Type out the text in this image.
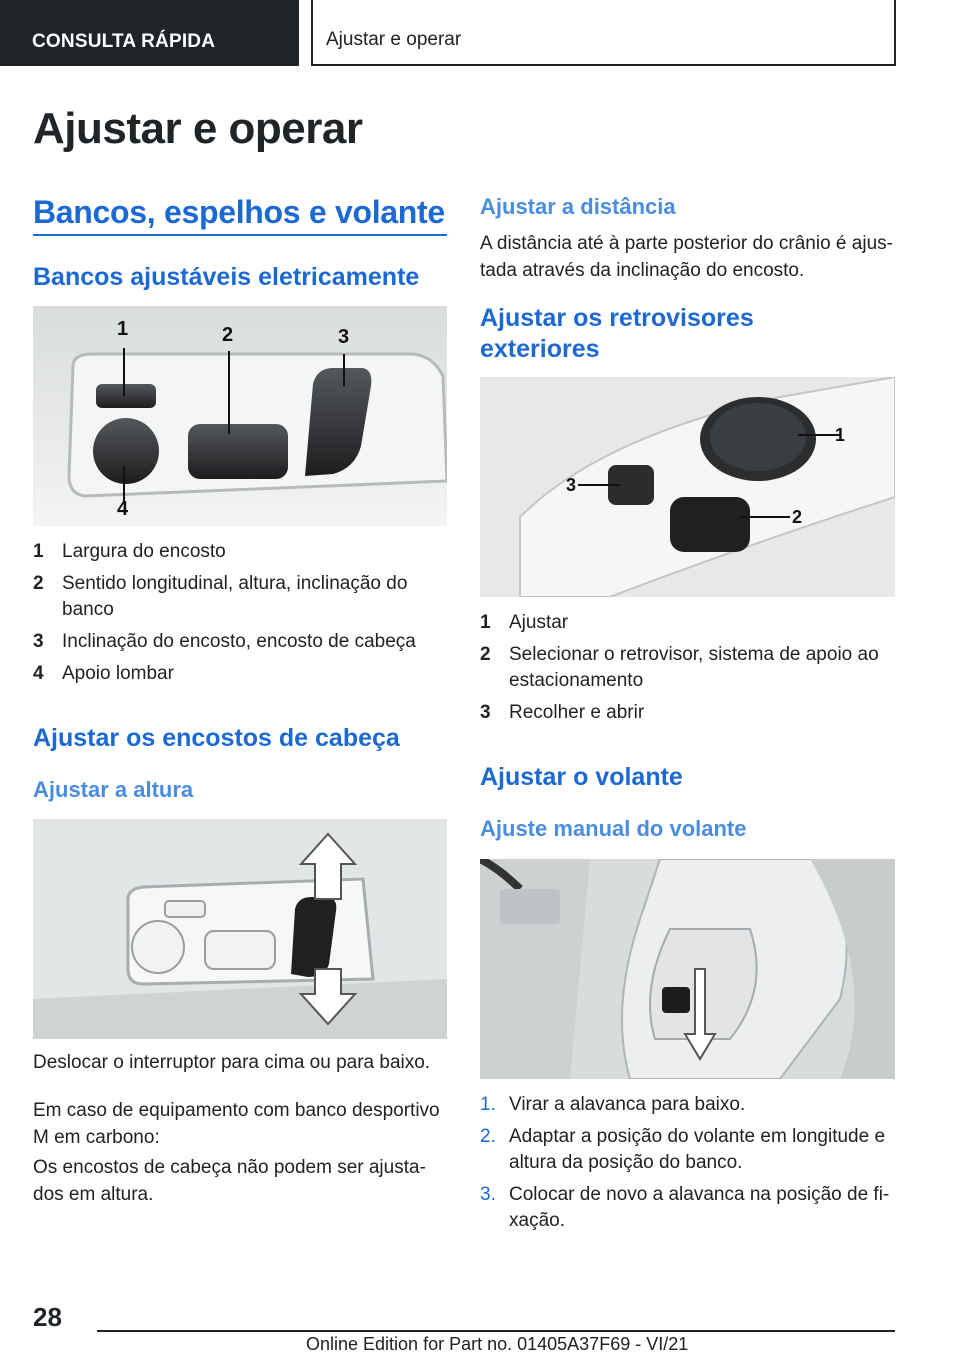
CONSULTA RÁPIDA	Ajustar e operar
Ajustar e operar
Bancos, espelhos e volante
Bancos ajustáveis eletricamente
1	2	3
4
1 Largura do encosto
2 Sentido longitudinal, altura, inclinação do banco
3 Inclinação do encosto, encosto de cabeça
4 Apoio lombar
Ajustar os encostos de cabeça
Ajustar a altura
Deslocar o interruptor para cima ou para baixo.
Em caso de equipamento com banco desportivo M em carbono:
Os encostos de cabeça não podem ser ajusta-dos em altura.
Ajustar a distância
A distância até à parte posterior do crânio é ajus-tada através da inclinação do encosto.
Ajustar os retrovisores exteriores
1
2
3
1 Ajustar
2 Selecionar o retrovisor, sistema de apoio ao estacionamento
3 Recolher e abrir
Ajustar o volante
Ajuste manual do volante
1. Virar a alavanca para baixo.
2. Adaptar a posição do volante em longitude e altura da posição do banco.
3. Colocar de novo a alavanca na posição de fi-xação.
28
Online Edition for Part no. 01405A37F69 - VI/21
